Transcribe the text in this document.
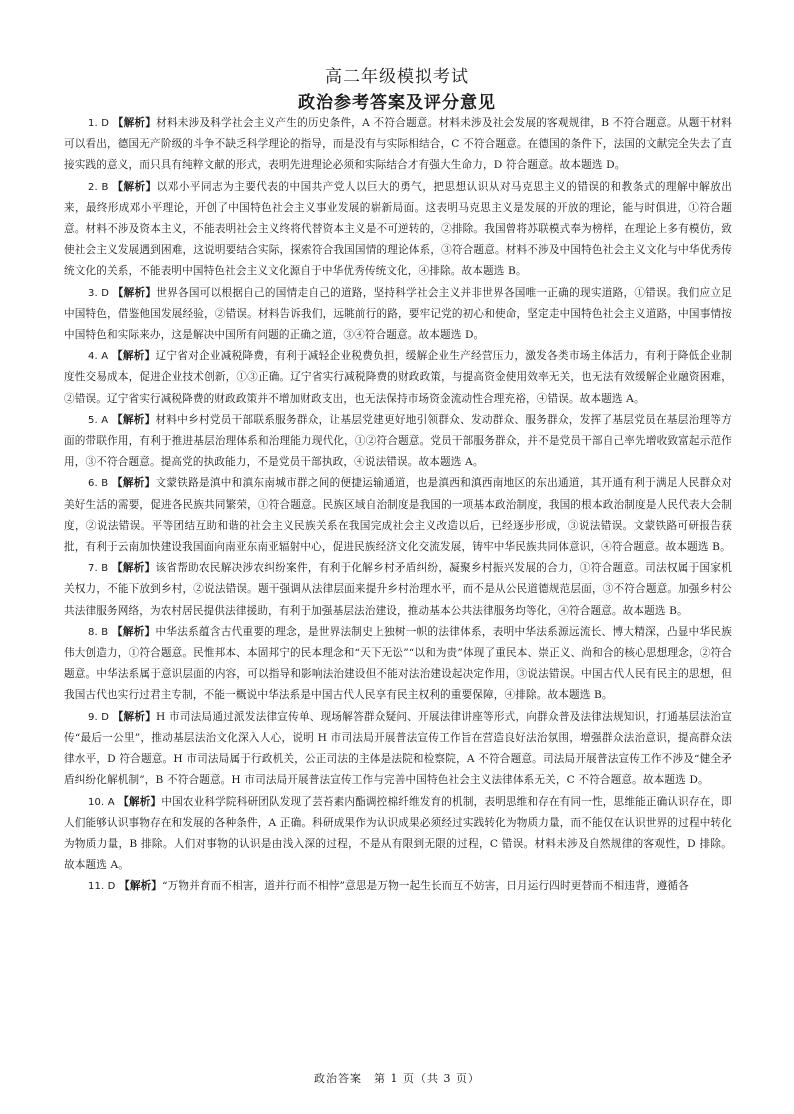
高二年级模拟考试
政治参考答案及评分意见

1. D 【解析】材料未涉及科学社会主义产生的历史条件，A 不符合题意。材料未涉及社会发展的客观规律，B 不符合题意。从题干材料可以看出，德国无产阶级的斗争不缺乏科学理论的指导，而是没有与实际相结合，C 不符合题意。在德国的条件下，法国的文献完全失去了直接实践的意义，而只具有纯粹文献的形式，表明先进理论必须和实际结合才有强大生命力，D 符合题意。故本题选 D。

2. B 【解析】以邓小平同志为主要代表的中国共产党人以巨大的勇气，把思想认识从对马克思主义的错误的和教条式的理解中解放出来，最终形成邓小平理论，开创了中国特色社会主义事业发展的崭新局面。这表明马克思主义是发展的开放的理论，能与时俱进，①符合题意。材料不涉及资本主义，不能表明社会主义终将代替资本主义是不可逆转的，②排除。我国曾将苏联模式奉为榜样，在理论上多有模仿，致使社会主义发展遇到困难，这说明要结合实际，探索符合我国国情的理论体系，③符合题意。材料不涉及中国特色社会主义文化与中华优秀传统文化的关系，不能表明中国特色社会主义文化源自于中华优秀传统文化，④排除。故本题选 B。

3. D 【解析】世界各国可以根据自己的国情走自己的道路，坚持科学社会主义并非世界各国唯一正确的现实道路，①错误。我们应立足中国特色，借鉴他国发展经验，②错误。材料告诉我们，远眺前行的路，要牢记党的初心和使命，坚定走中国特色社会主义道路，中国事情按中国特色和实际来办，这是解决中国所有问题的正确之道，③④符合题意。故本题选 D。

4. A 【解析】辽宁省对企业减税降费，有利于减轻企业税费负担，缓解企业生产经营压力，激发各类市场主体活力，有利于降低企业制度性交易成本，促进企业技术创新，①③正确。辽宁省实行减税降费的财政政策，与提高资金使用效率无关，也无法有效缓解企业融资困难，②错误。辽宁省实行减税降费的财政政策并不增加财政支出，也无法保持市场资金流动性合理充裕，④错误。故本题选 A。

5. A 【解析】材料中乡村党员干部联系服务群众，让基层党建更好地引领群众、发动群众、服务群众，发挥了基层党员在基层治理等方面的带联作用，有利于推进基层治理体系和治理能力现代化，①②符合题意。党员干部服务群众，并不是党员干部自己率先增收致富起示范作用，③不符合题意。提高党的执政能力，不是党员干部执政，④说法错误。故本题选 A。

6. B 【解析】文蒙铁路是滇中和滇东南城市群之间的便捷运输通道，也是滇西和滇西南地区的东出通道，其开通有利于满足人民群众对美好生活的需要，促进各民族共同繁荣，①符合题意。民族区域自治制度是我国的一项基本政治制度，我国的根本政治制度是人民代表大会制度，②说法错误。平等团结互助和谐的社会主义民族关系在我国完成社会主义改造以后，已经逐步形成，③说法错误。文蒙铁路可研报告获批，有利于云南加快建设我国面向南亚东南亚辐射中心，促进民族经济文化交流发展，铸牢中华民族共同体意识，④符合题意。故本题选 B。

7. B 【解析】该省帮助农民解决涉农纠纷案件，有利于化解乡村矛盾纠纷，凝聚乡村振兴发展的合力，①符合题意。司法权属于国家机关权力，不能下放到乡村，②说法错误。题干强调从法律层面来提升乡村治理水平，而不是从公民道德规范层面，③不符合题意。加强乡村公共法律服务网络，为农村居民提供法律援助，有利于加强基层法治建设，推动基本公共法律服务均等化，④符合题意。故本题选 B。

8. B 【解析】中华法系蕴含古代重要的理念，是世界法制史上独树一帜的法律体系，表明中华法系源远流长、博大精深，凸显中华民族伟大创造力，①符合题意。民惟邦本、本固邦宁的民本理念和“天下无讼”“以和为贵”体现了重民本、崇正义、尚和合的核心思想理念，②符合题意。中华法系属于意识层面的内容，可以指导和影响法治建设但不能对法治建设起决定作用，③说法错误。中国古代人民有民主的思想，但我国古代也实行过君主专制，不能一概说中华法系是中国古代人民享有民主权利的重要保障，④排除。故本题选 B。

9. D 【解析】H 市司法局通过派发法律宣传单、现场解答群众疑问、开展法律讲座等形式，向群众普及法律法规知识，打通基层法治宣传“最后一公里”，推动基层法治文化深入人心，说明 H 市司法局开展普法宣传工作旨在营造良好法治氛围，增强群众法治意识，提高群众法律水平，D 符合题意。H 市司法局属于行政机关，公正司法的主体是法院和检察院，A 不符合题意。司法局开展普法宣传工作不涉及“健全矛盾纠纷化解机制”，B 不符合题意。H 市司法局开展普法宣传工作与完善中国特色社会主义法律体系无关，C 不符合题意。故本题选 D。

10. A 【解析】中国农业科学院科研团队发现了芸苔素内酯调控棉纤维发育的机制，表明思维和存在有同一性，思维能正确认识存在，即人们能够认识事物存在和发展的各种条件，A 正确。科研成果作为认识成果必须经过实践转化为物质力量，而不能仅在认识世界的过程中转化为物质力量，B 排除。人们对事物的认识是由浅入深的过程，不是从有限到无限的过程，C 错误。材料未涉及自然规律的客观性，D 排除。故本题选 A。

11. D 【解析】“万物并育而不相害，道并行而不相悖”意思是万物一起生长而互不妨害，日月运行四时更替而不相违背，遵循各

政治答案　第 1 页（共 3 页）
